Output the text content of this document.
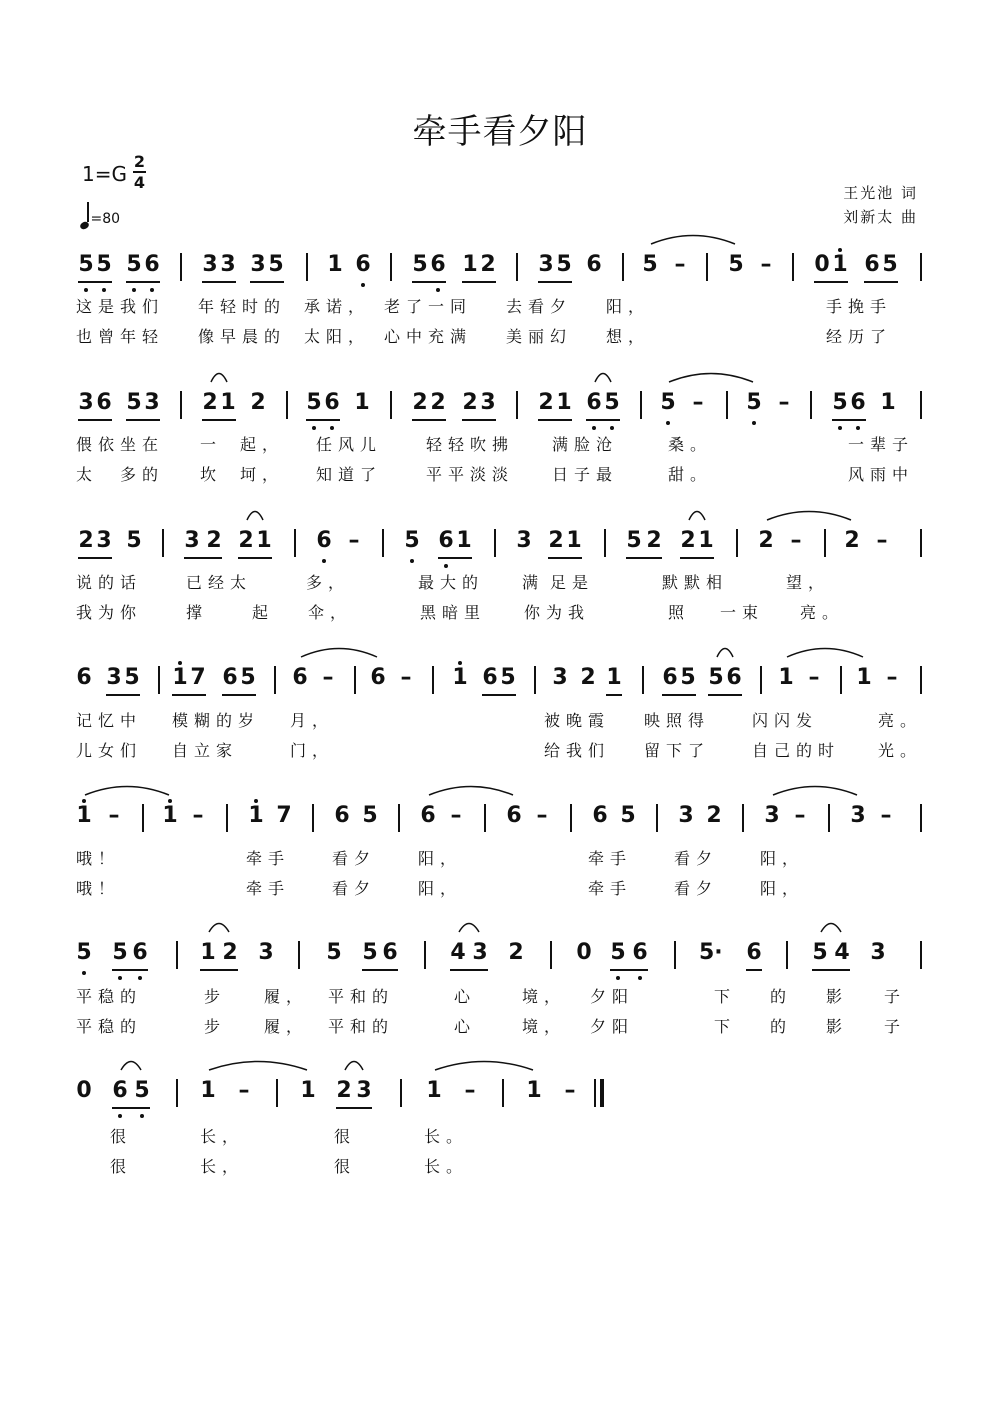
牵手看夕阳
1=G
2
4
=80
王光池 词
刘新太 曲
5 5 5 6 3 3 3 5 1 6 5 6 1 2 3 5 6 5 – 5 – 0 1 6 5
3 6 5 3 2 1 2 5 6 1 2 2 2 3 2 1 6 5 5 – 5 – 5 6 1
2 3 5 3 2 2 1 6 – 5 6 1 3 2 1 5 2 2 1 2 – 2 –
6 3 5 1 7 6 5 6 – 6 – 1 6 5 3 2 1 6 5 5 6 1 – 1 –
1 – 1 – 1 7 6 5 6 – 6 – 6 5 3 2 3 – 3 –
5 5 6 1 2 3 5 5 6 4 3 2 0 5 6 5· 6 5 4 3
0 6 5 1 – 1 2 3 1 – 1 –
这是我们 年轻时的 承诺， 老了一同 去看夕 阳，	手挽手
也曾年轻 像早晨的 太阳， 心中充满 美丽幻 想，	经历了
偎依坐在 一 起， 任风儿	轻轻吹拂 满脸沧	桑。	一辈子
太 多的 坎 坷， 知道了	平平淡淡 日子最	甜。	风雨中
说的话	已经太	多，	最大的 满 足是	默默相	望，
我为你	撑	起 伞，	黑暗里 你为我	照 一束 亮。
记忆中 模糊的岁 月，	被晚霞 映照得	闪闪发	亮。
儿女们 自立家	门，	给我们 留下了	自己的时 光。
哦！	牵手	看夕	阳，	牵手	看夕	阳，
哦！	牵手	看夕	阳，	牵手	看夕	阳，
平稳的	步 履， 平和的	心	境， 夕阳	下 的 影 子
平稳的	步 履， 平和的	心	境， 夕阳	下 的 影 子
很	长，	很	长。
很	长，	很	长。
